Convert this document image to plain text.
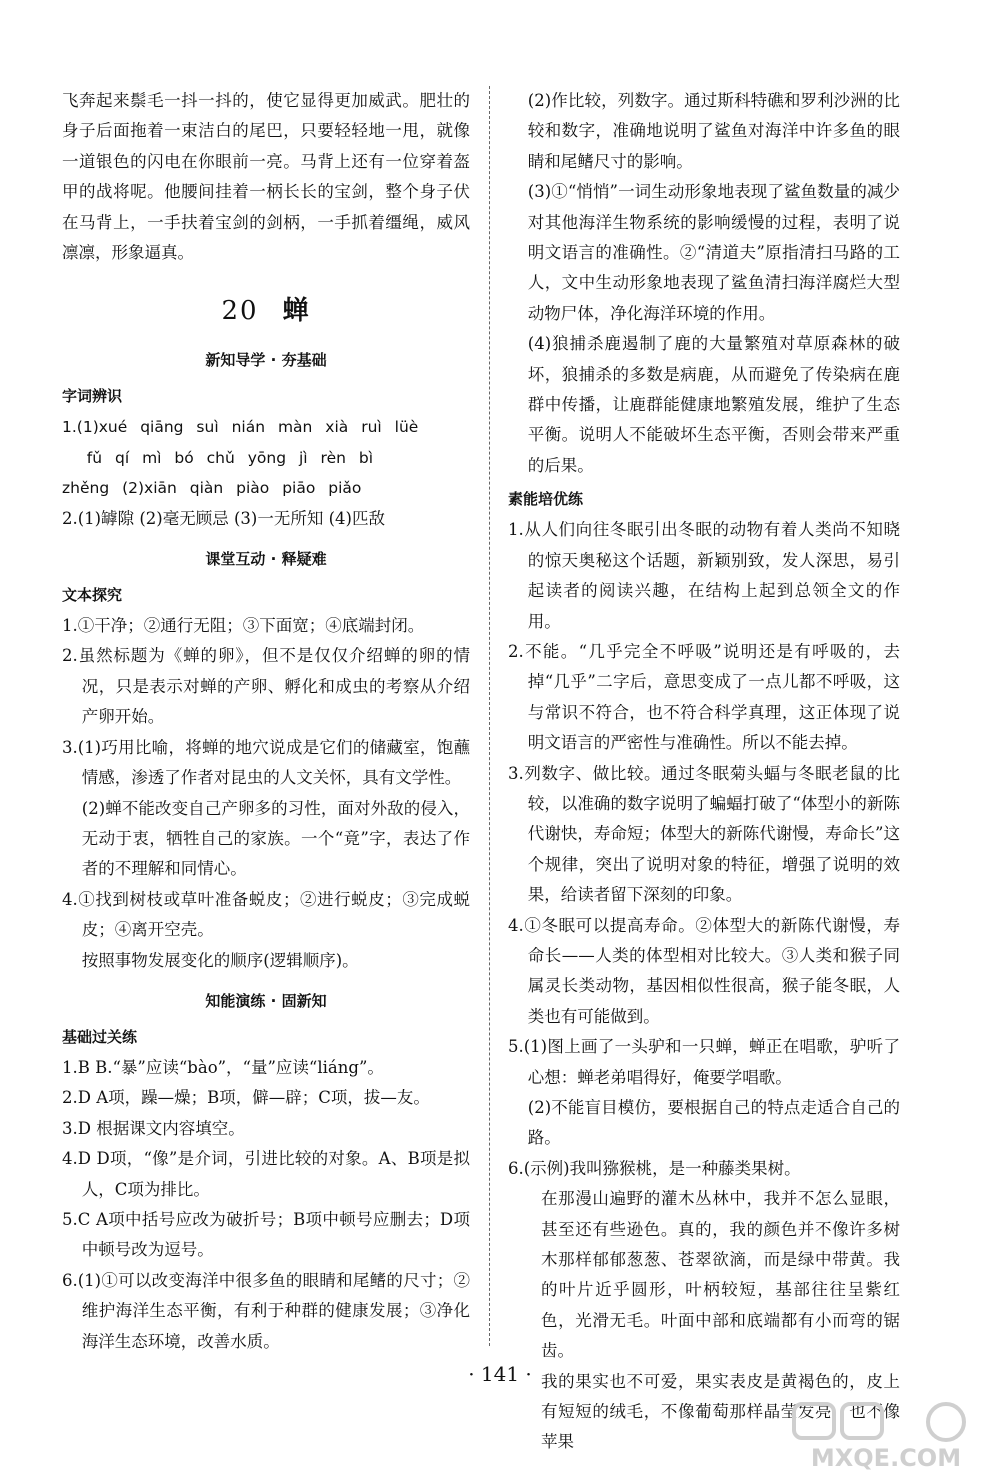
飞奔起来鬃毛一抖一抖的，使它显得更加威武。肥壮的身子后面拖着一束洁白的尾巴，只要轻轻地一甩，就像一道银色的闪电在你眼前一亮。马背上还有一位穿着盔甲的战将呢。他腰间挂着一柄长长的宝剑，整个身子伏在马背上，一手扶着宝剑的剑柄，一手抓着缰绳，威风凛凛，形象逼真。

20 蝉
新知导学 · 夯基础
字词辨识

1.(1)xué qiāng suì nián màn xià ruì lüè

fǔ qí mì bó chǔ yōng jì rèn bì

zhěng (2)xiān qiàn piào piāo piǎo

2.(1)罅隙 (2)毫无顾忌 (3)一无所知 (4)匹敌

课堂互动 · 释疑难
文本探究

1.①干净；②通行无阻；③下面宽；④底端封闭。

2.虽然标题为《蝉的卵》，但不是仅仅介绍蝉的卵的情况，只是表示对蝉的产卵、孵化和成虫的考察从介绍产卵开始。

3.(1)巧用比喻，将蝉的地穴说成是它们的储藏室，饱蘸情感，渗透了作者对昆虫的人文关怀，具有文学性。

(2)蝉不能改变自己产卵多的习性，面对外敌的侵入，无动于衷，牺牲自己的家族。一个“竟”字，表达了作者的不理解和同情心。

4.①找到树枝或草叶准备蜕皮；②进行蜕皮；③完成蜕皮；④离开空壳。

按照事物发展变化的顺序(逻辑顺序)。

知能演练 · 固新知
基础过关练

1.B B.“暴”应读“bào”，“量”应读“liáng”。

2.D A项，躁—燥；B项，僻—辟；C项，拔—友。

3.D 根据课文内容填空。

4.D D项，“像”是介词，引进比较的对象。A、B项是拟人，C项为排比。

5.C A项中括号应改为破折号；B项中顿号应删去；D项中顿号改为逗号。

6.(1)①可以改变海洋中很多鱼的眼睛和尾鳍的尺寸；②维护海洋生态平衡，有利于种群的健康发展；③净化海洋生态环境，改善水质。

(2)作比较，列数字。通过斯科特礁和罗利沙洲的比较和数字，准确地说明了鲨鱼对海洋中许多鱼的眼睛和尾鳍尺寸的影响。

(3)①“悄悄”一词生动形象地表现了鲨鱼数量的减少对其他海洋生物系统的影响缓慢的过程，表明了说明文语言的准确性。②“清道夫”原指清扫马路的工人，文中生动形象地表现了鲨鱼清扫海洋腐烂大型动物尸体，净化海洋环境的作用。

(4)狼捕杀鹿遏制了鹿的大量繁殖对草原森林的破坏，狼捕杀的多数是病鹿，从而避免了传染病在鹿群中传播，让鹿群能健康地繁殖发展，维护了生态平衡。说明人不能破坏生态平衡，否则会带来严重的后果。

素能培优练

1.从人们向往冬眠引出冬眠的动物有着人类尚不知晓的惊天奥秘这个话题，新颖别致，发人深思，易引起读者的阅读兴趣，在结构上起到总领全文的作用。

2.不能。“几乎完全不呼吸”说明还是有呼吸的，去掉“几乎”二字后，意思变成了一点儿都不呼吸，这与常识不符合，也不符合科学真理，这正体现了说明文语言的严密性与准确性。所以不能去掉。

3.列数字、做比较。通过冬眠菊头蝠与冬眠老鼠的比较，以准确的数字说明了蝙蝠打破了“体型小的新陈代谢快，寿命短；体型大的新陈代谢慢，寿命长”这个规律，突出了说明对象的特征，增强了说明的效果，给读者留下深刻的印象。

4.①冬眠可以提高寿命。②体型大的新陈代谢慢，寿命长——人类的体型相对比较大。③人类和猴子同属灵长类动物，基因相似性很高，猴子能冬眠，人类也有可能做到。

5.(1)图上画了一头驴和一只蝉，蝉正在唱歌，驴听了心想：蝉老弟唱得好，俺要学唱歌。

(2)不能盲目模仿，要根据自己的特点走适合自己的路。

6.(示例)我叫猕猴桃，是一种藤类果树。

在那漫山遍野的灌木丛林中，我并不怎么显眼，甚至还有些逊色。真的，我的颜色并不像许多树木那样郁郁葱葱、苍翠欲滴，而是绿中带黄。我的叶片近乎圆形，叶柄较短，基部往往呈紫红色，光滑无毛。叶面中部和底端都有小而弯的锯齿。

我的果实也不可爱，果实表皮是黄褐色的，皮上有短短的绒毛，不像葡萄那样晶莹发亮，也不像苹果

· 141 ·
MXQE.COM
